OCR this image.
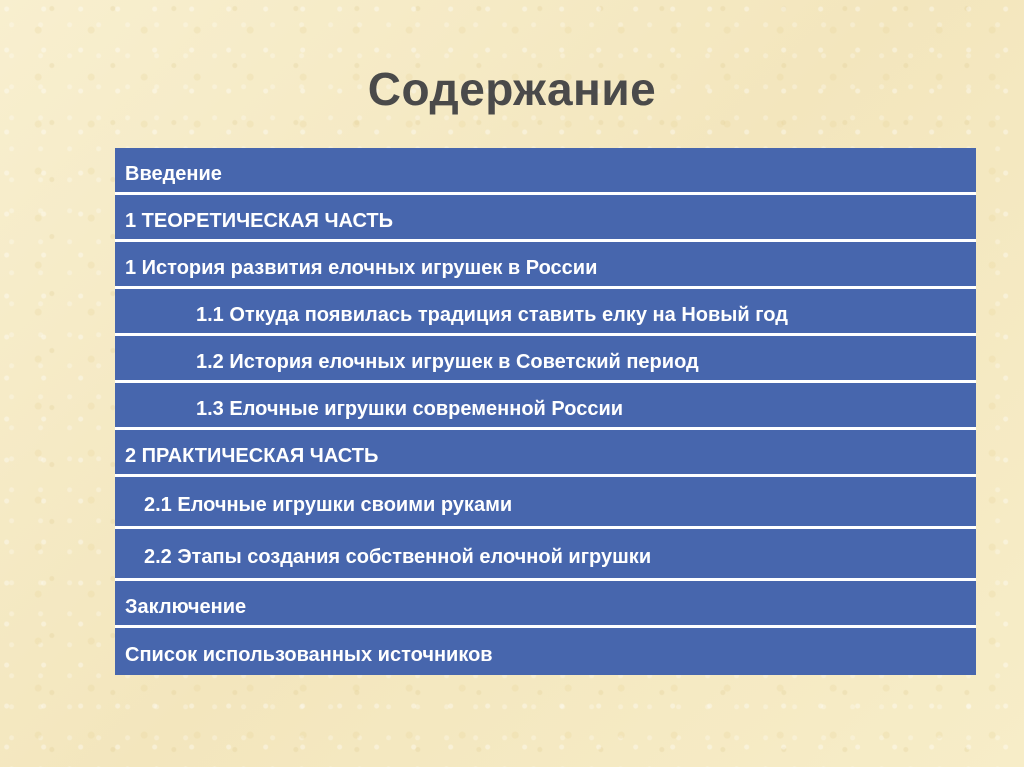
Содержание
Введение
1 ТЕОРЕТИЧЕСКАЯ ЧАСТЬ
1 История развития елочных игрушек в России
1.1 Откуда появилась традиция ставить елку на Новый год
1.2 История елочных игрушек в Советский период
1.3 Елочные игрушки современной России
2 ПРАКТИЧЕСКАЯ ЧАСТЬ
2.1 Елочные игрушки своими руками
2.2 Этапы создания собственной елочной игрушки
Заключение
Список использованных источников
